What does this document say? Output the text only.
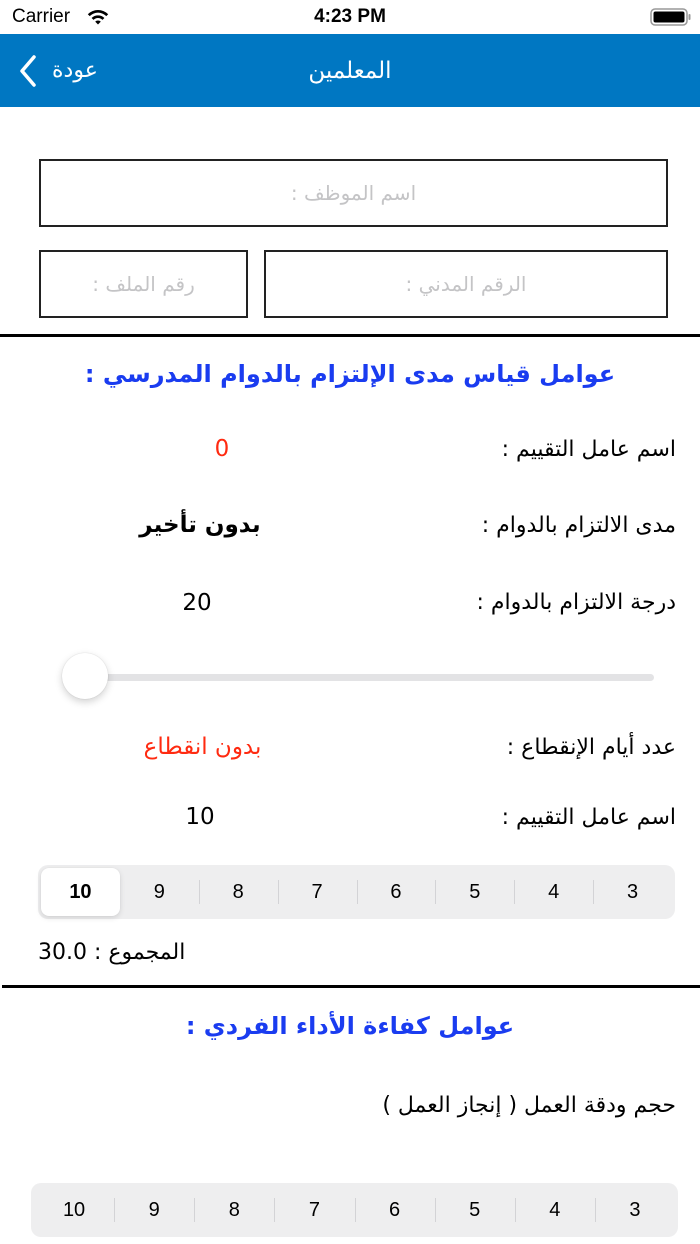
Carrier	4:23 PM
المعلمين
عودة
اسم الموظف :
الرقم المدني :
رقم الملف :
عوامل قياس مدى الإلتزام بالدوام المدرسي :
اسم عامل التقييم :
0
مدى الالتزام بالدوام :
بدون تأخير
درجة الالتزام بالدوام :
20
عدد أيام الإنقطاع :
بدون انقطاع
اسم عامل التقييم :
10
10	9	8	7	6	5	4	3
المجموع : 30.0
عوامل كفاءة الأداء الفردي :
حجم ودقة العمل ( إنجاز العمل )
10	9	8	7	6	5	4	3
